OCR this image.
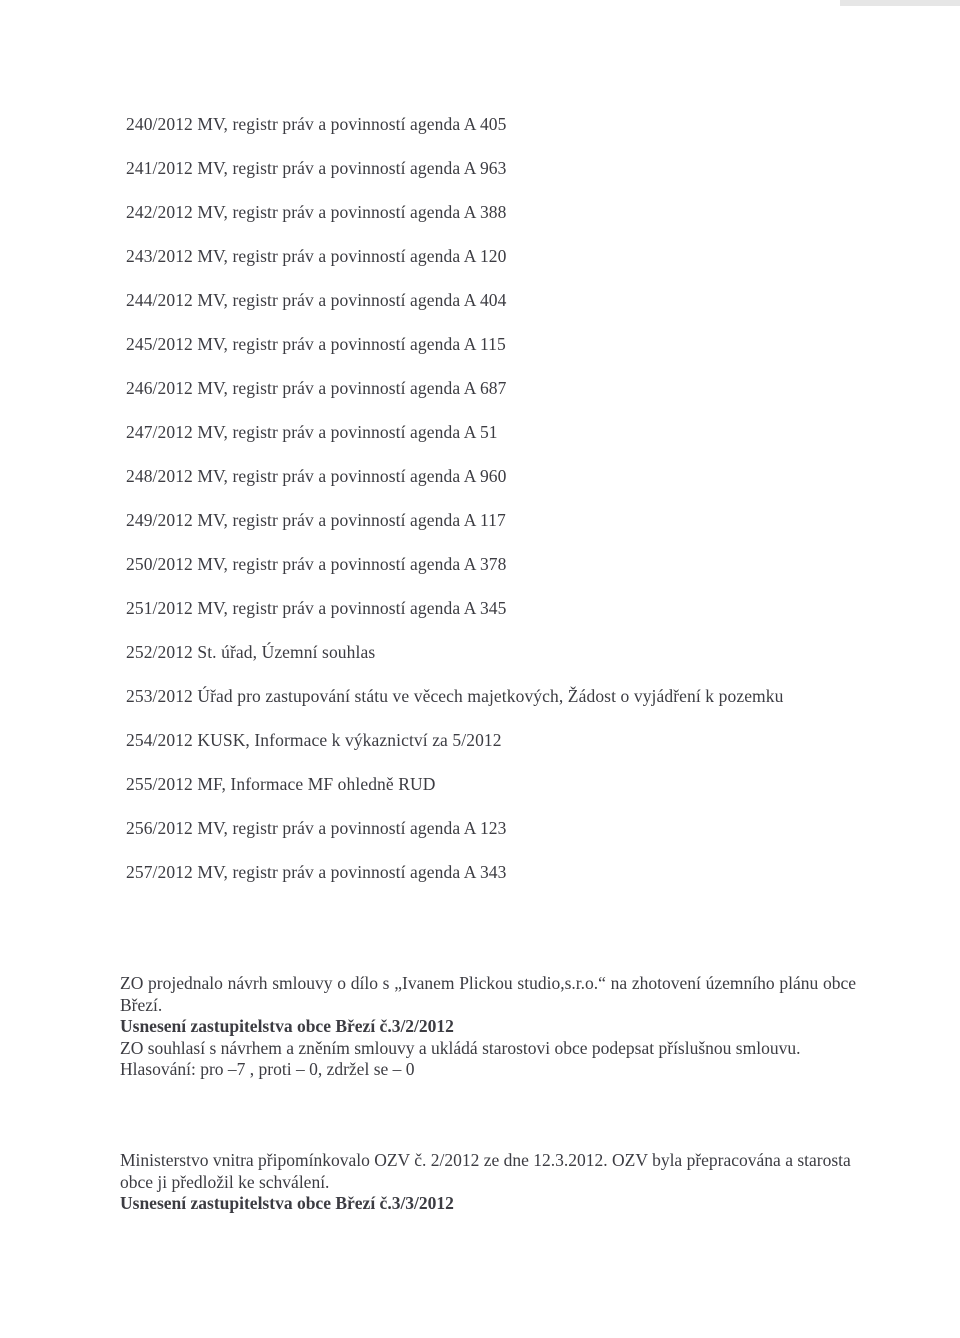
240/2012 MV, registr práv a povinností agenda A 405
241/2012 MV, registr práv a povinností agenda A 963
242/2012 MV, registr práv a povinností agenda A 388
243/2012 MV, registr práv a povinností agenda A 120
244/2012 MV, registr práv a povinností agenda A 404
245/2012 MV, registr práv a povinností agenda A 115
246/2012 MV, registr práv a povinností agenda A 687
247/2012 MV, registr práv a povinností agenda A 51
248/2012 MV, registr práv a povinností agenda A 960
249/2012 MV, registr práv a povinností agenda A 117
250/2012 MV, registr práv a povinností agenda A 378
251/2012 MV, registr práv a povinností agenda A 345
252/2012 St. úřad, Územní souhlas
253/2012 Úřad pro zastupování státu ve věcech majetkových, Žádost o vyjádření k pozemku
254/2012 KUSK, Informace k výkaznictví za 5/2012
255/2012 MF, Informace MF ohledně RUD
256/2012 MV, registr práv a povinností agenda A 123
257/2012 MV, registr práv a povinností agenda A 343

ZO projednalo návrh smlouvy o dílo s „Ivanem Plickou studio,s.r.o.“ na zhotovení územního plánu obce Březí.

Usnesení zastupitelstva obce Březí č.3/2/2012

ZO souhlasí s návrhem a zněním smlouvy a ukládá starostovi obce podepsat příslušnou smlouvu.

Hlasování: pro –7 , proti – 0, zdržel se – 0

Ministerstvo vnitra připomínkovalo OZV č. 2/2012 ze dne 12.3.2012. OZV byla přepracována a starosta obce ji předložil ke schválení.

Usnesení zastupitelstva obce Březí č.3/3/2012
